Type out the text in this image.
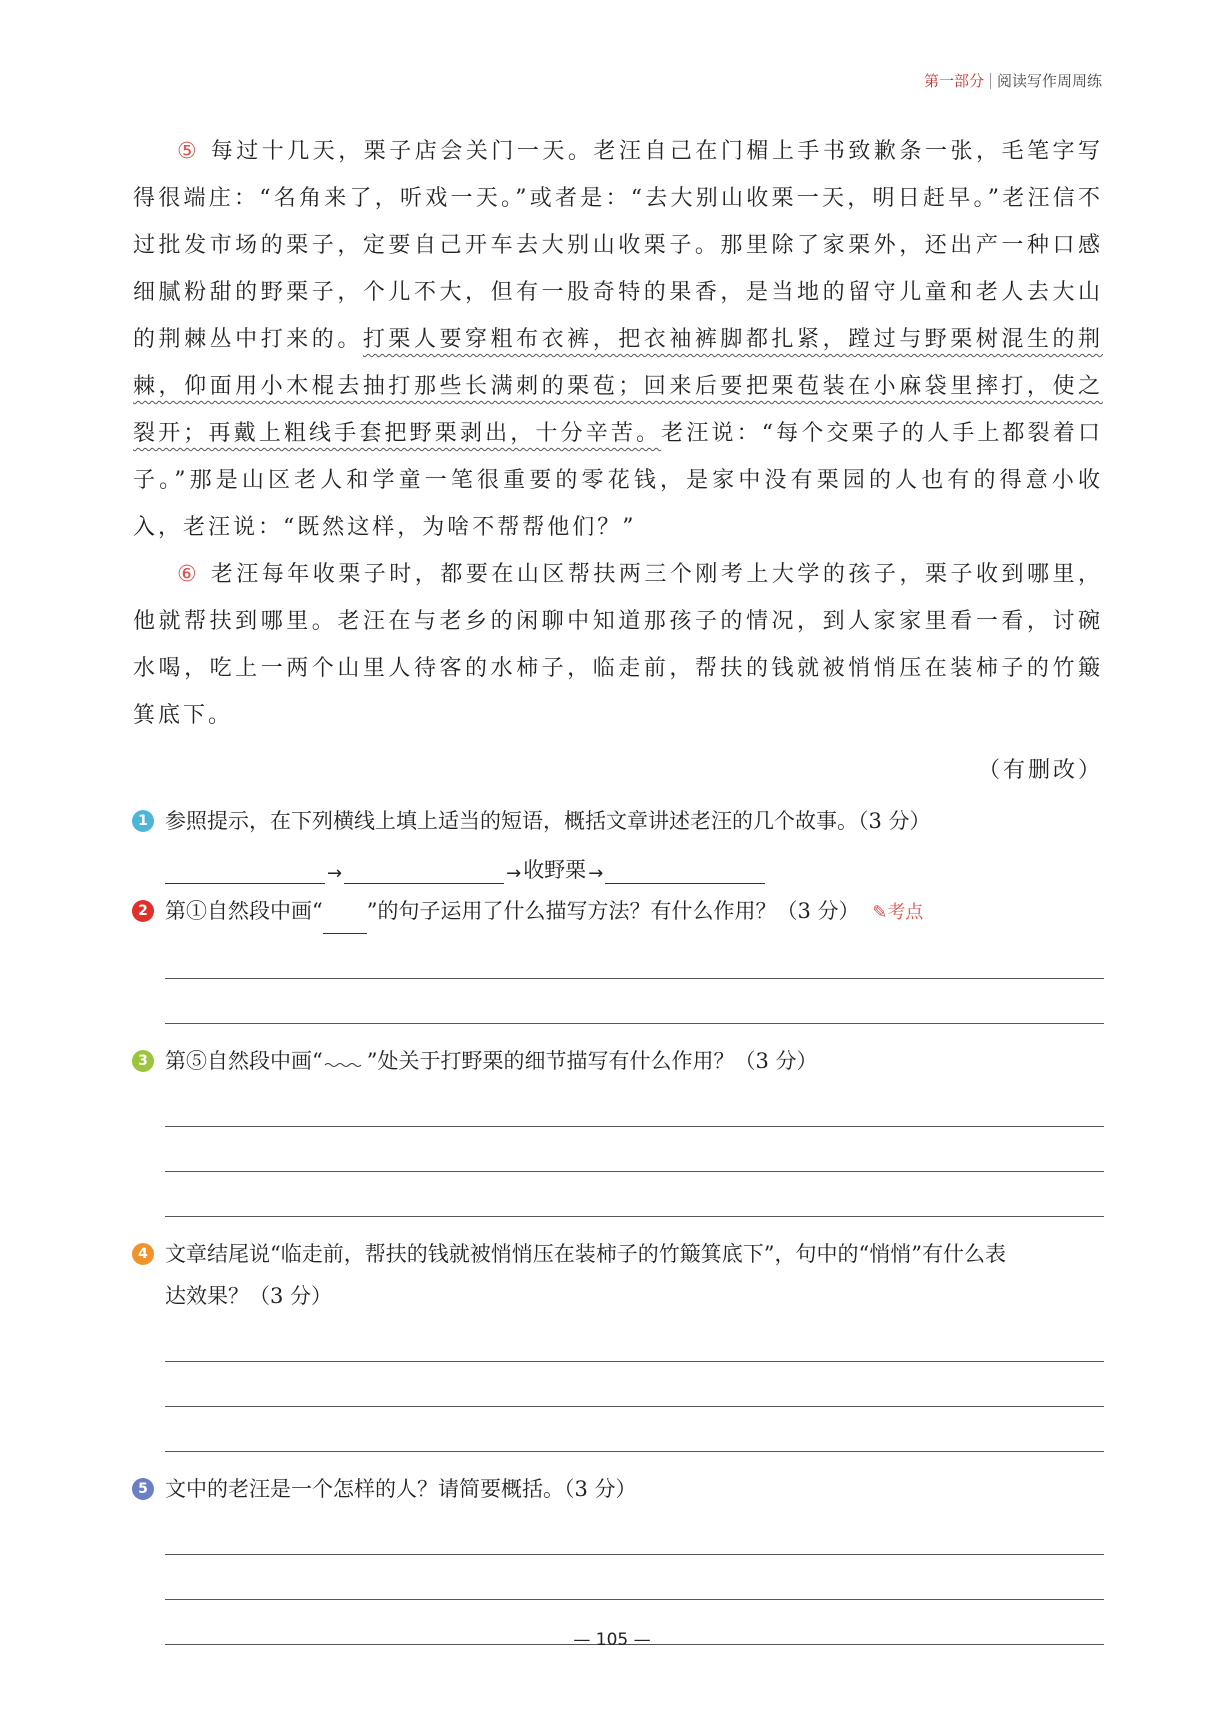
第一部分 阅读写作周周练

⑤ 每过十几天，栗子店会关门一天。老汪自己在门楣上手书致歉条一张，毛笔字写得很端庄：“名角来了，听戏一天。”或者是：“去大别山收栗一天，明日赶早。”老汪信不过批发市场的栗子，定要自己开车去大别山收栗子。那里除了家栗外，还出产一种口感细腻粉甜的野栗子，个儿不大，但有一股奇特的果香，是当地的留守儿童和老人去大山的荆棘丛中打来的。打栗人要穿粗布衣裤，把衣袖裤脚都扎紧，蹚过与野栗树混生的荆棘，仰面用小木棍去抽打那些长满刺的栗苞；回来后要把栗苞装在小麻袋里摔打，使之裂开；再戴上粗线手套把野栗剥出，十分辛苦。老汪说：“每个交栗子的人手上都裂着口子。”那是山区老人和学童一笔很重要的零花钱，是家中没有栗园的人也有的得意小收入，老汪说：“既然这样，为啥不帮帮他们？”

⑥ 老汪每年收栗子时，都要在山区帮扶两三个刚考上大学的孩子，栗子收到哪里，他就帮扶到哪里。老汪在与老乡的闲聊中知道那孩子的情况，到人家家里看一看，讨碗水喝，吃上一两个山里人待客的水柿子，临走前，帮扶的钱就被悄悄压在装柿子的竹簸箕底下。

（有删改）
1 参照提示，在下列横线上填上适当的短语，概括文章讲述老汪的几个故事。（3 分）
→	→ 收野栗 →
2 第①自然段中画“ ”的句子运用了什么描写方法？有什么作用？（3 分） ✎考点
3 第⑤自然段中画“ ”处关于打野栗的细节描写有什么作用？（3 分）
4 文章结尾说“临走前，帮扶的钱就被悄悄压在装柿子的竹簸箕底下”，句中的“悄悄”有什么表
达效果？（3 分）
5 文中的老汪是一个怎样的人？请简要概括。（3 分）
— 105 —
